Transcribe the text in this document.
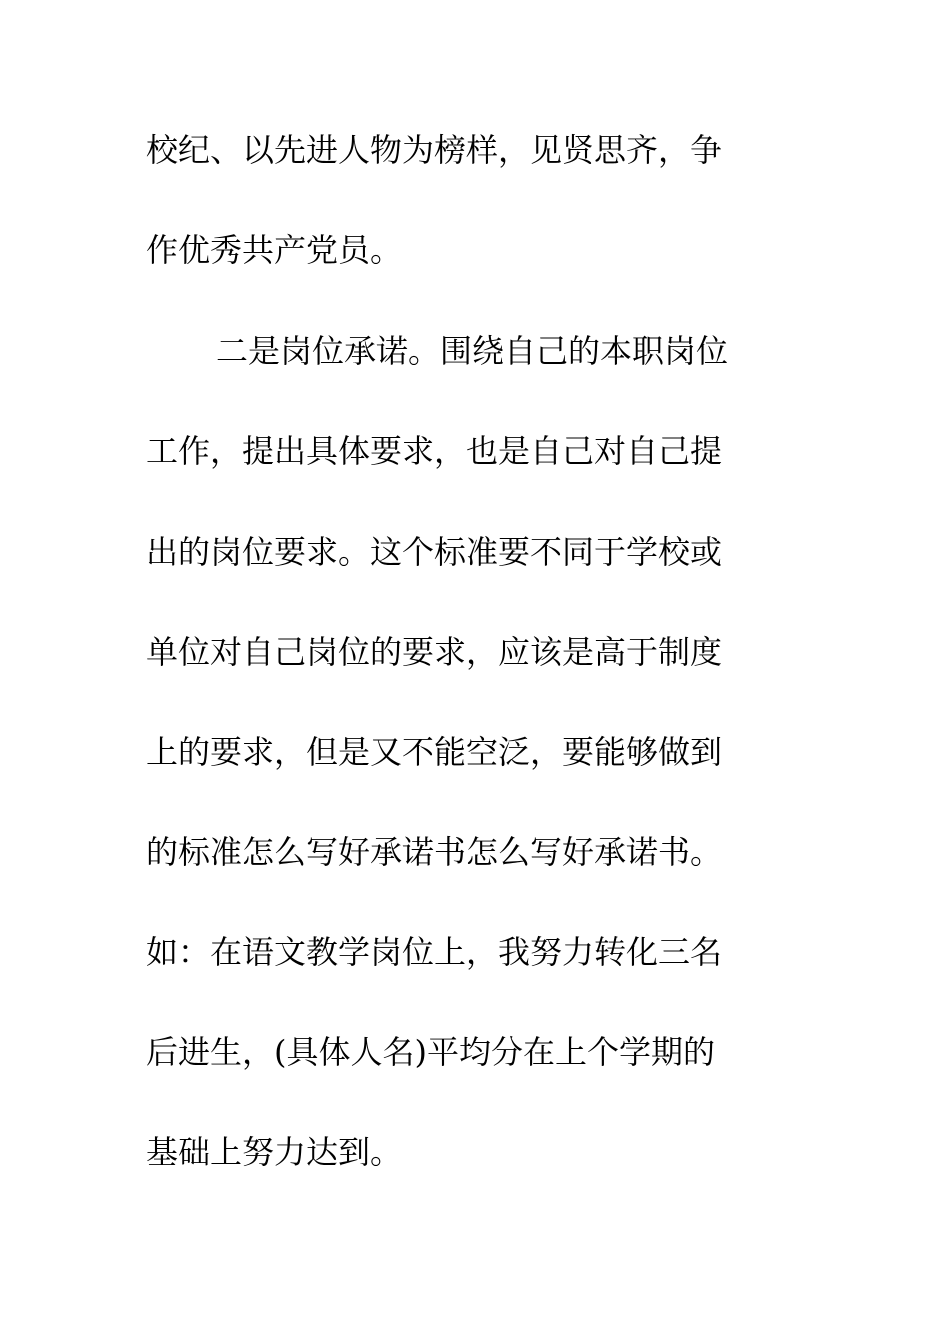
校纪、以先进人物为榜样，见贤思齐，争
作优秀共产党员。
二是岗位承诺。围绕自己的本职岗位
工作，提出具体要求，也是自己对自己提
出的岗位要求。这个标准要不同于学校或
单位对自己岗位的要求，应该是高于制度
上的要求，但是又不能空泛，要能够做到
的标准怎么写好承诺书怎么写好承诺书。
如：在语文教学岗位上，我努力转化三名
后进生，(具体人名)平均分在上个学期的
基础上努力达到。
